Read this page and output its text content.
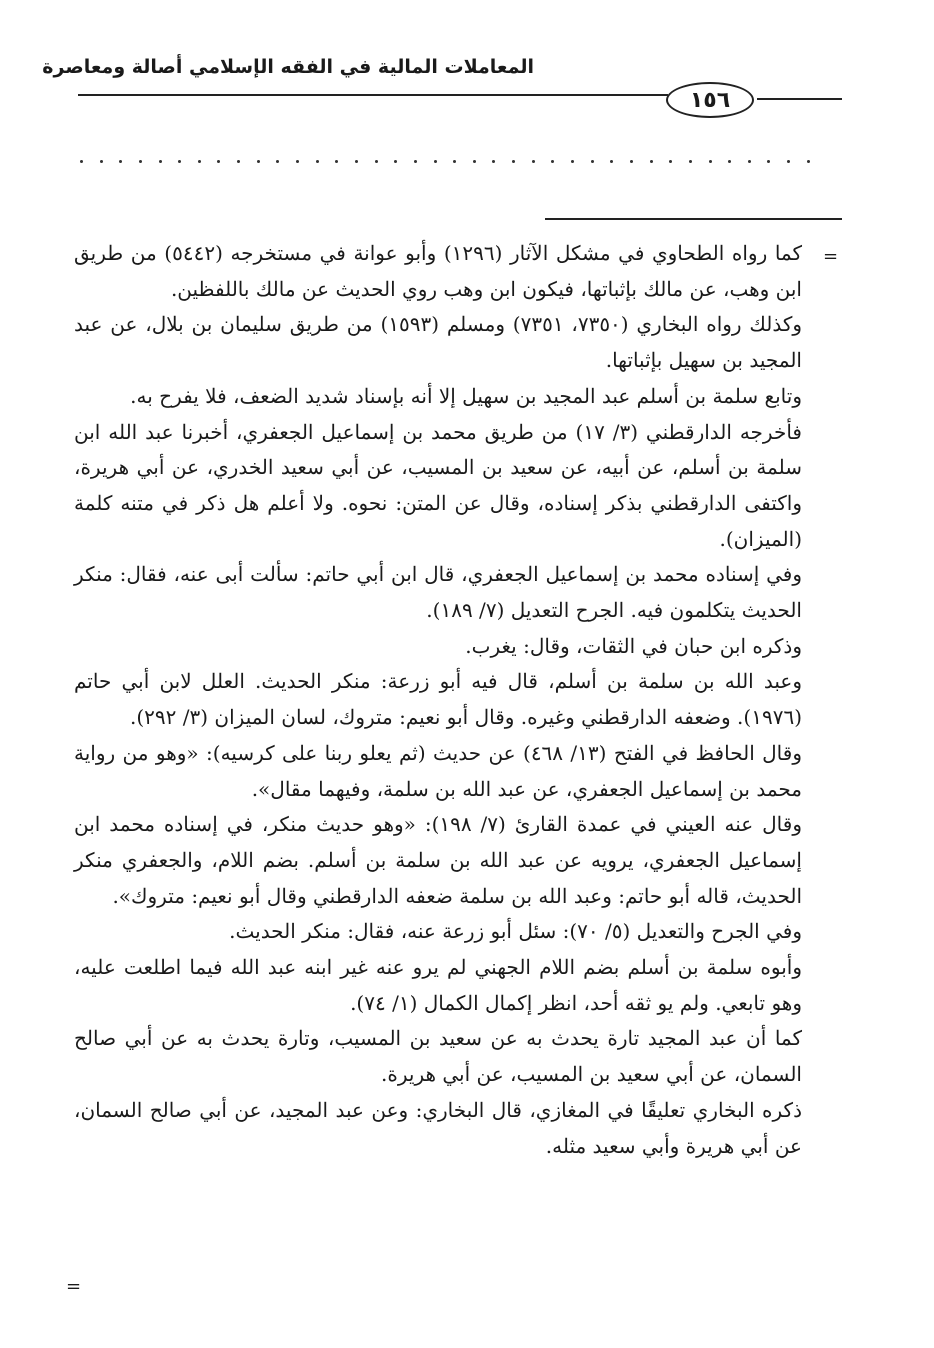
المعاملات المالية في الفقه الإسلامي أصالة ومعاصرة
١٥٦
=

كما رواه الطحاوي في مشكل الآثار (١٢٩٦) وأبو عوانة في مستخرجه (٥٤٤٢) من طريق ابن وهب، عن مالك بإثباتها، فيكون ابن وهب روي الحديث عن مالك باللفظين.

وكذلك رواه البخاري (٧٣٥٠، ٧٣٥١) ومسلم (١٥٩٣) من طريق سليمان بن بلال، عن عبد المجيد بن سهيل بإثباتها.

وتابع سلمة بن أسلم عبد المجيد بن سهيل إلا أنه بإسناد شديد الضعف، فلا يفرح به.

فأخرجه الدارقطني (٣/ ١٧) من طريق محمد بن إسماعيل الجعفري، أخبرنا عبد الله ابن سلمة بن أسلم، عن أبيه، عن سعيد بن المسيب، عن أبي سعيد الخدري، عن أبي هريرة، واكتفى الدارقطني بذكر إسناده، وقال عن المتن: نحوه. ولا أعلم هل ذكر في متنه كلمة (الميزان).

وفي إسناده محمد بن إسماعيل الجعفري، قال ابن أبي حاتم: سألت أبى عنه، فقال: منكر الحديث يتكلمون فيه. الجرح التعديل (٧/ ١٨٩).

وذكره ابن حبان في الثقات، وقال: يغرب.

وعبد الله بن سلمة بن أسلم، قال فيه أبو زرعة: منكر الحديث. العلل لابن أبي حاتم (١٩٧٦). وضعفه الدارقطني وغيره. وقال أبو نعيم: متروك، لسان الميزان (٣/ ٢٩٢).

وقال الحافظ في الفتح (١٣/ ٤٦٨) عن حديث (ثم يعلو ربنا على كرسيه): «وهو من رواية محمد بن إسماعيل الجعفري، عن عبد الله بن سلمة، وفيهما مقال».

وقال عنه العيني في عمدة القارئ (٧/ ١٩٨): «وهو حديث منكر، في إسناده محمد ابن إسماعيل الجعفري، يرويه عن عبد الله بن سلمة بن أسلم. بضم اللام، والجعفري منكر الحديث، قاله أبو حاتم: وعبد الله بن سلمة ضعفه الدارقطني وقال أبو نعيم: متروك».

وفي الجرح والتعديل (٥/ ٧٠): سئل أبو زرعة عنه، فقال: منكر الحديث.

وأبوه سلمة بن أسلم بضم اللام الجهني لم يرو عنه غير ابنه عبد الله فيما اطلعت عليه، وهو تابعي. ولم يو ثقه أحد، انظر إكمال الكمال (١/ ٧٤).

كما أن عبد المجيد تارة يحدث به عن سعيد بن المسيب، وتارة يحدث به عن أبي صالح السمان، عن أبي سعيد بن المسيب، عن أبي هريرة.

ذكره البخاري تعليقًا في المغازي، قال البخاري: وعن عبد المجيد، عن أبي صالح السمان، عن أبي هريرة وأبي سعيد مثله.

=
